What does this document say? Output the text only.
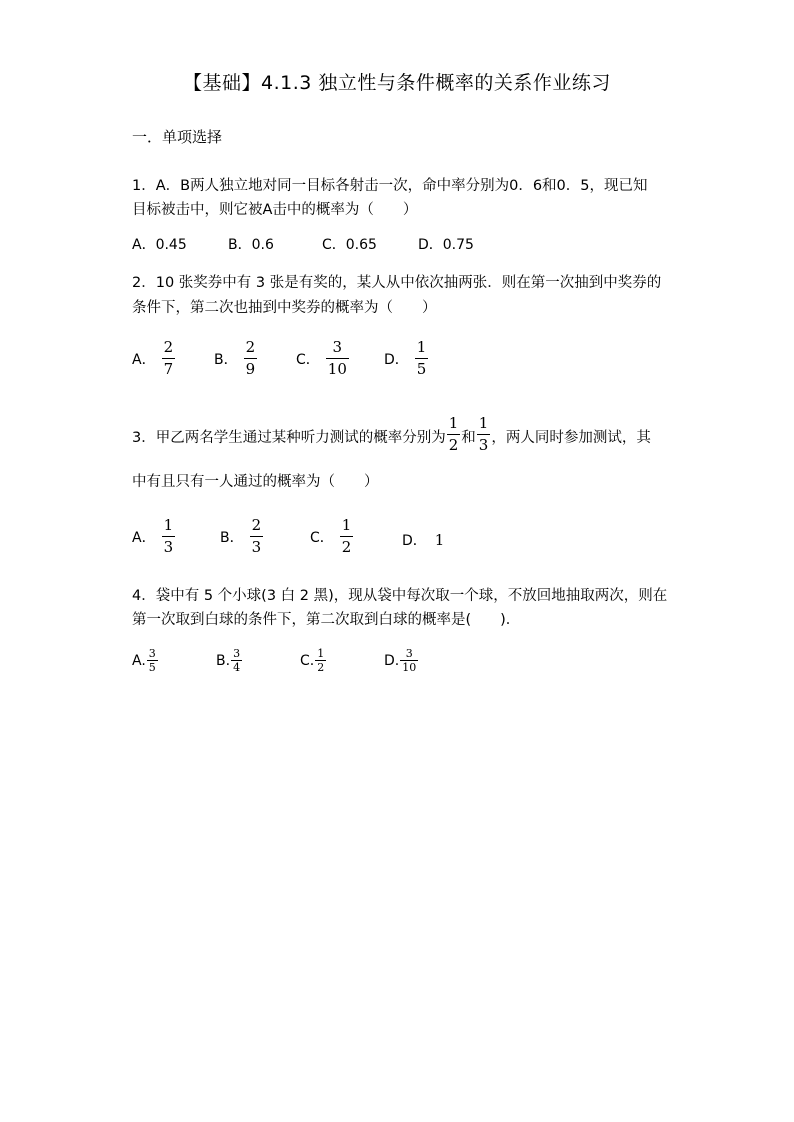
【基础】4.1.3 独立性与条件概率的关系作业练习
一．单项选择
1．A．B两人独立地对同一目标各射击一次，命中率分别为0．6和0．5，现已知
目标被击中，则它被A击中的概率为（　　）
A．0.45	B．0.6	C．0.65	D．0.75
2．10 张奖券中有 3 张是有奖的，某人从中依次抽两张．则在第一次抽到中奖券的
条件下，第二次也抽到中奖券的概率为（　　）
A． $\frac{2}{7}$	B． $\frac{2}{9}$	C． $\frac{3}{10}$	D． $\frac{1}{5}$
3．甲乙两名学生通过某种听力测试的概率分别为 $\frac{1}{2}$ 和 $\frac{1}{3}$ ，两人同时参加测试，其
中有且只有一人通过的概率为（　　）
A． $\frac{1}{3}$	B． $\frac{2}{3}$	C． $\frac{1}{2}$	D． 1
4．袋中有 5 个小球(3 白 2 黑)，现从袋中每次取一个球，不放回地抽取两次，则在
第一次取到白球的条件下，第二次取到白球的概率是(　　)．
A. $\frac{3}{5}$	B. $\frac{3}{4}$	C. $\frac{1}{2}$	D. $\frac{3}{10}$
